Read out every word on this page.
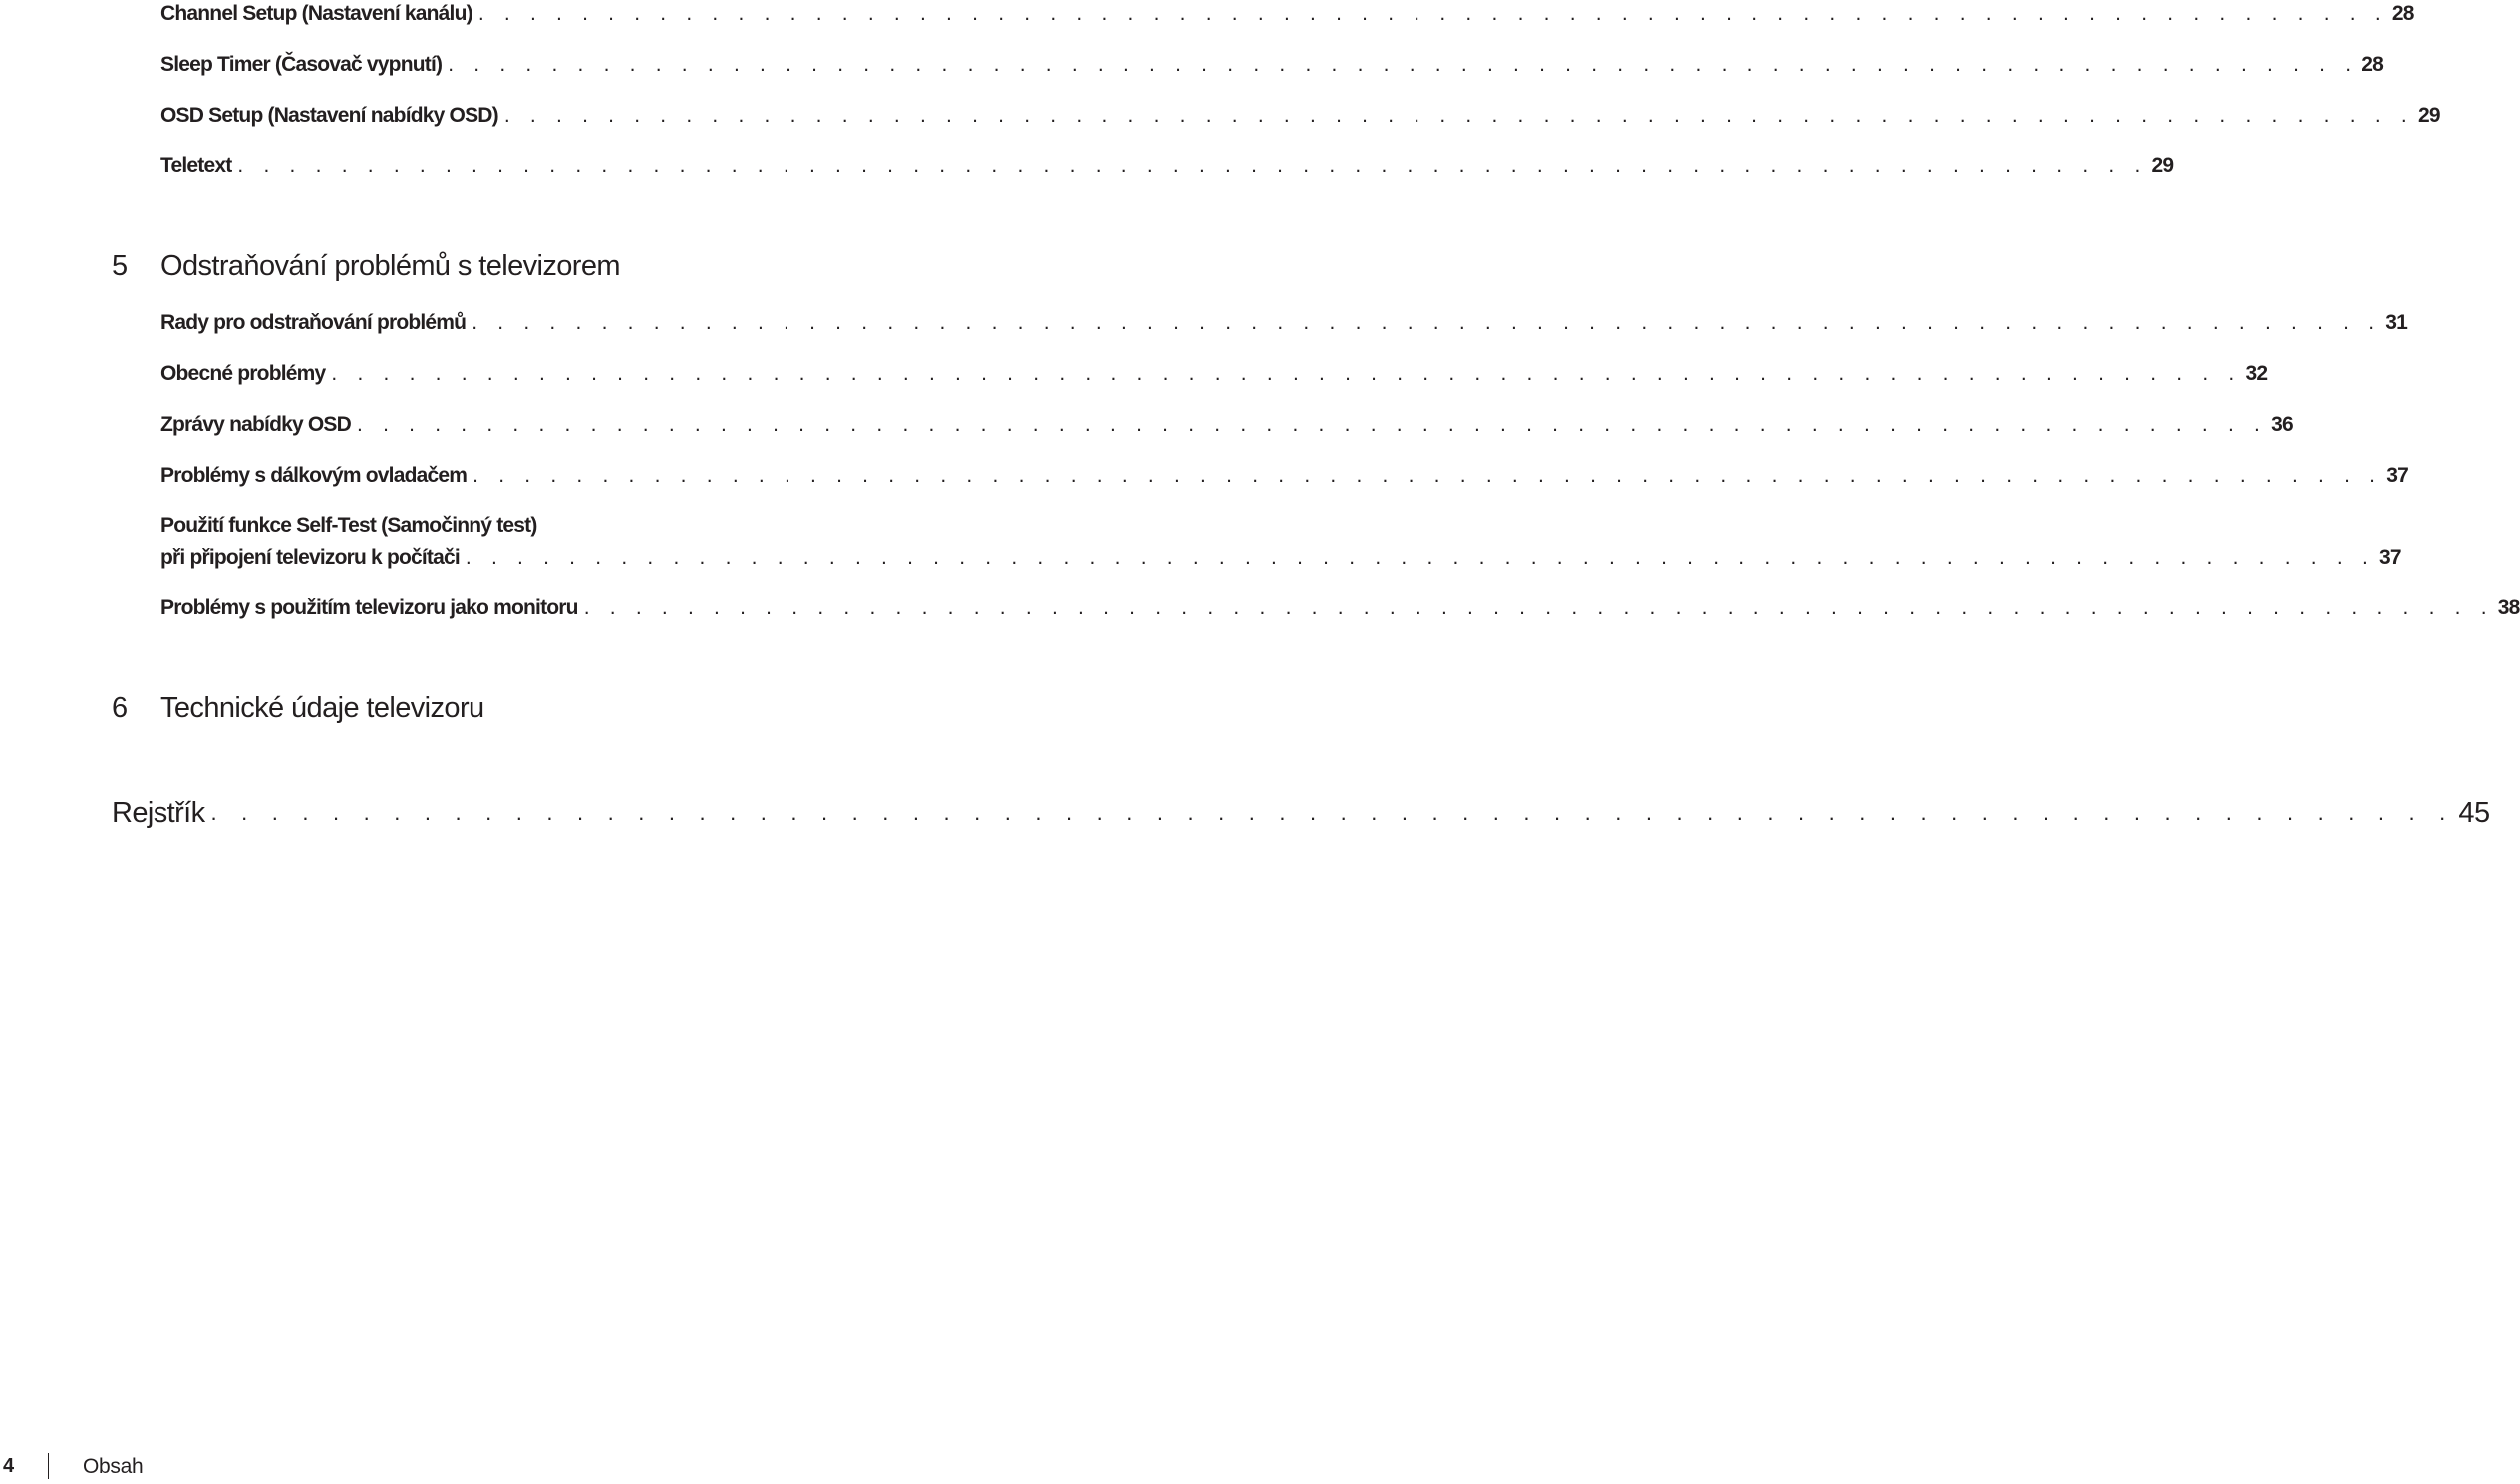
Channel Setup (Nastavení kanálu) . . . . . . . . . . . . . . . . . . . . . . . . . . . . . . . . . . . . . . . . . . . . . . . . . . . . . . . . . . . . . . . . . . . . . . . . . . 28
Sleep Timer (Časovač vypnutí) . . . . . . . . . . . . . . . . . . . . . . . . . . . . . . . . . . . . . . . . . . . . . . . . . . . . . . . . . . . . . . . . . . . . . . . . . . 28
OSD Setup (Nastavení nabídky OSD) . . . . . . . . . . . . . . . . . . . . . . . . . . . . . . . . . . . . . . . . . . . . . . . . . . . . . . . . . . . . . . . . . . . . . . . . . . 29
Teletext . . . . . . . . . . . . . . . . . . . . . . . . . . . . . . . . . . . . . . . . . . . . . . . . . . . . . . . . . . . . . . . . . . . . . . . . . . 29
5 Odstraňování problémů s televizorem
Rady pro odstraňování problémů . . . . . . . . . . . . . . . . . . . . . . . . . . . . . . . . . . . . . . . . . . . . . . . . . . . . . . . . . . . . . . . . . . . . . . . . . . 31
Obecné problémy . . . . . . . . . . . . . . . . . . . . . . . . . . . . . . . . . . . . . . . . . . . . . . . . . . . . . . . . . . . . . . . . . . . . . . . . . . 32
Zprávy nabídky OSD . . . . . . . . . . . . . . . . . . . . . . . . . . . . . . . . . . . . . . . . . . . . . . . . . . . . . . . . . . . . . . . . . . . . . . . . . . 36
Problémy s dálkovým ovladačem . . . . . . . . . . . . . . . . . . . . . . . . . . . . . . . . . . . . . . . . . . . . . . . . . . . . . . . . . . . . . . . . . . . . . . . . . . 37
Použití funkce Self-Test (Samočinný test)
při připojení televizoru k počítači . . . . . . . . . . . . . . . . . . . . . . . . . . . . . . . . . . . . . . . . . . . . . . . . . . . . . . . . . . . . . . . . . . . . . . . . . . 37
Problémy s použitím televizoru jako monitoru . . . . . . . . . . . . . . . . . . . . . . . . . . . . . . . . . . . . . . . . . . . . . . . . . . . . . . . . . . . . . . . . . . . . . . . . . . 38
6 Technické údaje televizoru
Rejstřík . . . . . . . . . . . . . . . . . . . . . . . . . . . . . . . . . . . . . . . . . . . . . . . . . . . . . . . . . . . . . . . . . . . . . . . . . . 45
4	Obsah
